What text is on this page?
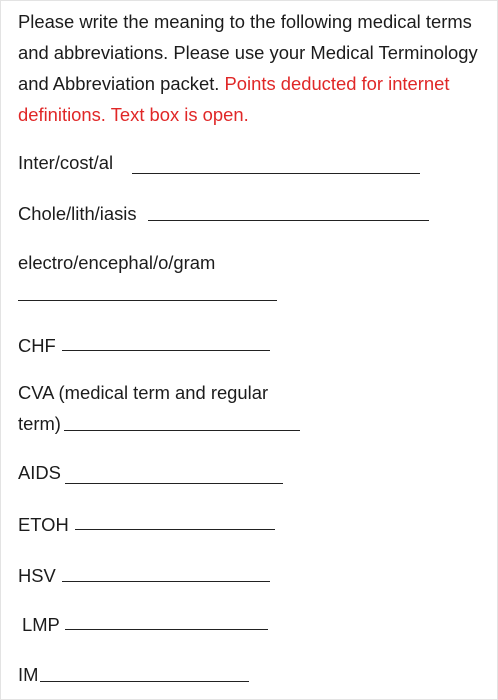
Please write the meaning to the following medical terms and abbreviations. Please use your Medical Terminology and Abbreviation packet. Points deducted for internet definitions. Text box is open.
Inter/cost/al
Chole/lith/iasis
electro/encephal/o/gram
CHF
CVA (medical term and regular
term)
AIDS
ETOH
HSV
LMP
IM
